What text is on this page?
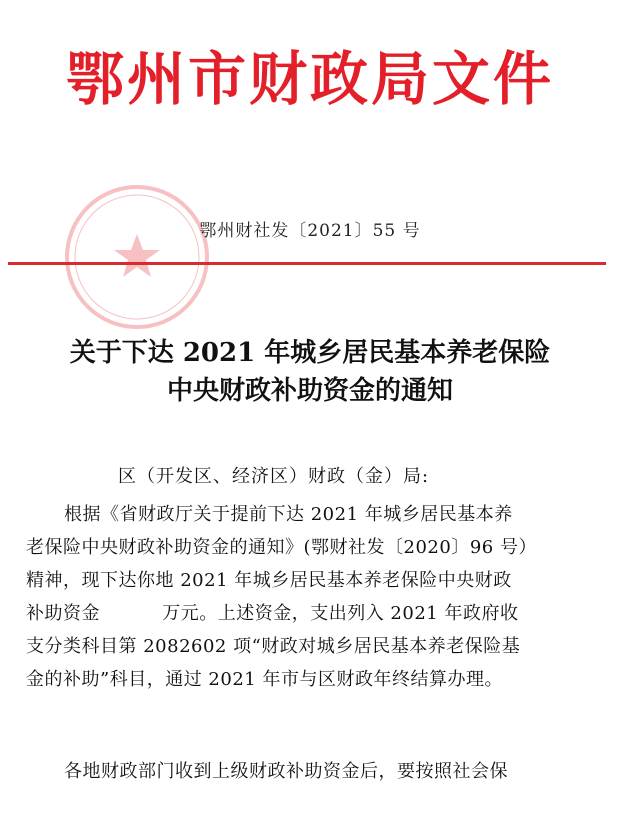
鄂州市财政局文件
鄂州财社发〔2021〕55 号
关于下达 2021 年城乡居民基本养老保险
中央财政补助资金的通知
区（开发区、经济区）财政（金）局:
根据《省财政厅关于提前下达 2021 年城乡居民基本养
老保险中央财政补助资金的通知》(鄂财社发〔2020〕96 号）
精神，现下达你地 2021 年城乡居民基本养老保险中央财政
补助资金          万元。上述资金，支出列入 2021 年政府收
支分类科目第 2082602 项“财政对城乡居民基本养老保险基
金的补助”科目，通过 2021 年市与区财政年终结算办理。
各地财政部门收到上级财政补助资金后，要按照社会保
